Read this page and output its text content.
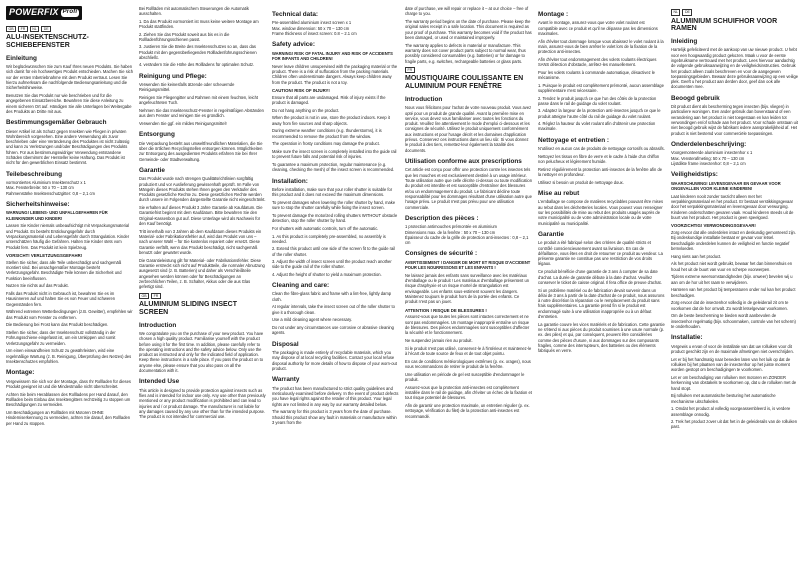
POWERFIX Profi
GB	FR	NL	DE
ALU-INSEKTENSCHUTZ-SCHIEBEFENSTER
Einleitung

Wir beglückwünschen Sie zum Kauf Ihres neuen Produkts. Sie haben sich damit für ein hochwertiges Produkt entschieden. Machen Sie sich vor der ersten Inbetriebnahme mit dem Produkt vertraut. Lesen Sie hierzu aufmerksam die nachfolgende Bedienungsanleitung und die Sicherheitshinweise.

Benutzen Sie das Produkt nur wie beschrieben und für die angegebenen Einsatzbereiche. Bewahren Sie diese Anleitung zu einem sicheren Ort auf. Händigen Sie alle Unterlagen bei Weitergabe des Produkts an Dritte mit aus.

Bestimmungsgemäßer Gebrauch

Dieser Artikel ist als Schutz gegen Insekten wie Fliegen in privaten Wohnbereich vorgesehen. Eine andere Verwendung als zuvor beschrieben oder eine Veränderung des Produktes ist nicht zulässig und kann zu Verletzungen und/oder Beschädigungen des Produkts führen. Für aus bestimmungswidriger Verwendung entstandene Schäden übernimmt der Hersteller keine Haftung. Das Produkt ist nicht für den gewerblichen Einsatz bestimmt.

Teilebeschreibung

vormontiertes Aluminium Insektenschutz x 1
Max. Fensterbreite: 50 x 70 – 130 cm
Rahmenstärke Insektenschutzgitter: 0,8 – 2,1 cm

Sicherheitshinweise:

WARNUNG! LEBENS- UND UNFALLGEFAHREN FÜR KLEINKINDER UND KINDER!

Lassen Sie Kinder niemals unbeaufsichtigt mit Verpackungsmaterial und Produkt. Es besteht Erstickungsgefahr durch Verpackungsmaterial und Lebensgefahr durch Strangulation. Kinder unterschätzen häufig die Gefahren. Halten Sie Kinder stets vom Produkt fern. Das Produkt ist kein Spielzeug.

VORSICHT! VERLETZUNGSGEFAHR!

Stellen Sie sicher, dass alle Teile unbeschädigt und sachgemäß montiert sind. Bei unsachgemäßer Montage besteht Verletzungsgefahr. Beschädigte Teile können die Sicherheit und Funktion beeinflussen.

Nutzen Sie nichts auf das Produkt.

Falls das Produkt nicht in Gebrauch ist, bewahren Sie es im Hausinneren auf und halten Sie es von Feuer und schweren Gegenständen fern.

Während extremen Wetterbedingungen (z.B. Gewitter), empfehlen wir das Produkt vom Fenster zu entfernen.

Die Bedienung bei Frost kann das Produkt beschädigen.

Stellen Sie sicher, dass der Insektenschutz vollständig in der Führungsschiene eingefasst ist, um ein Umkippen und somit Verletzungsgefahr zu vermeiden.

Um einen einwandfreien Schutz zu gewährleisten, wird eine regelmäßige Wartung (z. B. Reinigung, Überprüfung des Netzes) des Insektenschutzes empfohlen.

Montage:

Vergewissern Sie sich vor der Montage, dass Ihr Rollladen für dieses Produkt geeignet ist und die Mindestmaße nicht überschreitet.

Achten Sie beim Herablassen des Rollladens per Hand darauf, den Rollladen beim Einbau das Insektengitters rechtzeitig zu stoppen um Beschädigungen zu vermeiden.

Um Beschädigungen an Rollläden mit Motoren OHNE Hinderniserkennung zu vermeiden, achten Sie darauf, den Rollladen per Hand zu stoppen.

Bei Rollläden mit automatischem Steuerungen die Automatik ausschalten.

1. Da das Produkt vormontiert ist muss keine weitere Montage am Produkt stattfinden.

2. Ziehen Sie das Produkt soweit aus bis es in die Rollladenführungsschienen passt.

3. Justieren Sie die Breite des Insektenschutzes so an, dass das Produkt mit den gegenüberliegenden Rollladenführungsschienen abschließt.

4. verändern Sie die Höhe des Rollladens für optimalen Schutz.

Reinigung und Pflege:

Verwenden Sie keinesfalls ätzende oder scheuernde Reinigungsmittel.

Reinigen Sie Fliegengitter und Rahmen mit einem feuchten, leicht angefeuchteten Tuch.

Nehmen Sie das Insektenschutz-Fenster in regelmäßigen Abständen aus dem Fenster und reinigen Sie es gründlich.

Verwenden Sie ggf. ein mildes Reinigungsmittel!

Entsorgung

Die Verpackung besteht aus umweltfreundlichen Materialien, die Sie über die örtlichen Recyclingstellen entsorgen können. Möglichkeiten zur Entsorgung des ausgedienten Produkts erfahren Sie bei Ihrer Gemeinde- oder Stadtverwaltung.

Garantie

Das Produkt wurde nach strengen Qualitätsrichtlinien sorgfältig produziert und vor Auslieferung gewissenhaft geprüft. Im Falle von Mängeln dieses Produkts stehen Ihnen gegen den Verkäufer des Produkts gesetzliche Rechte zu. Diese gesetzlichen Rechte werden durch unsere im Folgenden dargestellte Garantie nicht eingeschränkt.

Sie erhalten auf dieses Produkt 3 Jahre Garantie ab Kaufdatum. Die Garantiefrist beginnt mit dem Kaufdatum. Bitte bewahren Sie den Original-Kassenbon gut auf. Diese Unterlage wird als Nachweis für den Kauf benötigt.

Tritt innerhalb von 3 Jahren ab dem Kaufdatum dieses Produkts ein Material- oder Fabrikationsfehler auf, wird das Produkt von uns – nach unserer Wahl – für Sie kostenlos repariert oder ersetzt. Diese Garantie verfällt, wenn das Produkt beschädigt, nicht sachgemäß benutzt oder gewartet wurde.

Die Garantieleistung gilt für Material- oder Fabrikationsfehler. Diese Garantie erstreckt sich nicht auf Produktteile, die normaler Abnutzung ausgesetzt sind (z. B. Batterien) und daher als Verschleißteile angesehen werden können oder für Beschädigungen an zerbrechlichen Teilen, z. B. Schalter, Akkus oder die aus Glas gefertigt sind.

GB	FR
ALUMINIUM SLIDING INSECT SCREEN
Introduction

We congratulate you on the purchase of your new product. You have chosen a high quality product. Familiarise yourself with the product before using it for the first time. In addition, please carefully refer to the operating instructions and the safety advice below. Only use the product as instructed and only for the indicated field of application. Keep these instructions in a safe place. If you pass the product on to anyone else, please ensure that you also pass on all the documentation with it.

Intended Use

This article is designed to provide protection against insects such as flies and is intended for indoor use only. Any use other than previously mentioned or any product modification is prohibited and can lead to injuries and / or product damage. The manufacturer is not liable for any damages caused by any use other than for the intended purpose. The product is not intended for commercial use.

Technical data:

Pre-assembled aluminium insect screen x 1
Max. window dimension: 50 x 70 – 130 cm
Frame thickness of insect screen: 0.8 – 2.1 cm

Safety advice:

WARNING! RISK OF FATAL INJURY AND RISK OF ACCIDENTS FOR INFANTS AND CHILDREN!

Never leave children unsupervised with the packaging material or the product. There is a risk of suffocation from the packing materials. Children often underestimate dangers. Always keep children away from the product. The product is not a toy.

CAUTION! RISK OF INJURY!

Ensure that all parts are undamaged. Risk of injury exists if the product is damaged.

Do not hang anything on the product.

When the product is not in use, store the product indoors. Keep it away from fire sources and sharp objects.

During extreme weather conditions (e.g. thunderstorms), it is recommended to remove the product from the window.

The operation in frosty conditions may damage the product.

Make sure the insect screen is completely installed into the guide rail to prevent future falls and potential risk of injuries.

To guarantee a maximum protection, regular maintenance (e.g. cleaning, checking the mesh) of the insect screen is recommended.

Installation:

Before installation, make sure that your roller shutter is suitable for this product and it does not exceed the maximum dimensions.

To prevent damages when lowering the roller shutter by hand, make sure to stop the shutter carefully while fixing the insect screen.

To prevent damage the motorized rolling shutters WITHOUT obstacle detection, stop the roller shutter by hand.

For shutters with automatic controls, turn off the automatic.

1. As this product is completely pre-assembled, no assembly is needed.

2. Extend this product until one side of the screen fit to the guide rail of the roller shutter.

3. Adjust the width of insect screen until the product reach another side to the guide rail of the roller shutter.

4. Adjust the height of shutter to yield a maximum protection.

Cleaning and care:

Clean the fibre-glass fabric and frame with a lint-free, lightly damp cloth.

At regular intervals, take the insect screen out of the roller shutter to give it a thorough clean.

Use a mild cleaning agent where necessary.

Do not under any circumstances use corrosive or abrasive cleaning agents.

Disposal

The packaging is made entirely of recyclable materials, which you may dispose of at local recycling facilities. Contact your local refuse disposal authority for more details of how to dispose of your worn-out product.

Warranty

The product has been manufactured to strict quality guidelines and meticulously examined before delivery. In the event of product defects you have legal rights against the retailer of this product. Your legal rights are not limited in any way by our warranty detailed below.

The warranty for this product is 3 years from the date of purchase. Should this product show any fault in materials or manufacture within 3 years from the

date of purchase, we will repair or replace it – at our choice – free of charge to you.

The warranty period begins on the date of purchase. Please keep the original sales receipt in a safe location. This document is required as your proof of purchase. This warranty becomes void if the product has been damaged, or used or maintained improperly.

The warranty applies to defects in material or manufacture. This warranty does not cover product parts subject to normal wear, thus possibly considered consumables (e.g. batteries) or for damage to fragile parts, e.g. switches, rechargeable batteries or glass parts.

FR
MOUSTIQUAIRE COULISSANTE EN ALUMINIUM POUR FENÊTRE
Introduction

Nous vous félicitons pour l'achat de votre nouveau produit. Vous avez opté pour un produit de grande qualité. Avant la première mise en service, vous devez vous familiariser avec toutes les fonctions du produit. Veuillez lire attentivement le mode d'emploi ci-dessous et les consignes de sécurité. Utilisez le produit uniquement conformément aux instructions et pour l'usage décrit et les domaines d'application prévus. Conservez ces instructions dans un lieu sûr. Si vous donnez le produit à des tiers, remettez-leur également la totalité des documents.

Utilisation conforme aux prescriptions

Cet article est conçu pour offrir une protection contre les insectes tels que les mouches et est exclusivement destiné à un usage intérieur. Toute utilisation autre que celle décrite ci-dessus ou toute modification du produit est interdite et est susceptible d'entraîner des blessures et/ou un endommagement du produit. Le fabricant décline toute responsabilité pour les dommages résultant d'une utilisation autre que l'usage prévu. Le produit n'est pas prévu pour une utilisation commerciale.

Description des pièces :

1 protection antimouches prémontée en aluminium
Dimensions max. de la fenêtre : 50 x 70 – 130 cm
Épaisseur du cadre de la grille de protection anti-insectes : 0,8 – 2,1 cm

Consignes de sécurité :

AVERTISSEMENT ! DANGER DE MORT ET RISQUE D'ACCIDENT POUR LES NOURRISSONS ET LES ENFANTS !

Ne laissez jamais des enfants sans surveillance avec les matériaux d'emballage ou le produit ! Les matériaux d'emballage présentent un risque d'asphyxie et un risque mortel de strangulation est envisageable. Les enfants sous-estiment souvent les dangers. Maintenez toujours le produit hors de la portée des enfants. Ce produit n'est pas un jouet.

ATTENTION ! RISQUE DE BLESSURES !

Assurez-vous que toutes les pièces sont intactes correctement et ne sont pas endommagées. Un montage inapproprié entraîne un risque de blessures. Des pièces endommagées sont susceptibles d'affecter la sécurité et le fonctionnement.

Ne suspendez jamais rien au produit.

Si le produit n'est pas utilisé, conservez-le à l'intérieur et maintenez-le à l'écart de toute source de feux et de tout objet pointu.

En cas de conditions météorologiques extrêmes (p. ex. orages), nous vous recommandons de retirer le produit de la fenêtre.

Une utilisation en période de gel est susceptible d'endommager le produit.

Assurez-vous que la protection anti-insectes est complètement installée dans le rail de guidage, afin d'éviter un échec de la fixation et tout risque potentiel de blessures.

Afin de garantir une protection maximale, un entretien régulier (p. ex. nettoyage, vérification du filet) de la protection anti-insectes est recommandé.

Montage :

Avant le montage, assurez-vous que votre volet roulant est compatible avec ce produit et qu'il ne dépasse pas les dimensions maximales.

Afin d'éviter tout dommage lorsque vous abaissez le volet roulant à la main, assurez-vous de bien arrêter le volet lors de la fixation de la protection anti-insectes.

Afin d'éviter tout endommagement des volets roulants électriques SANS détection d'obstacle, arrêtez-les manuellement.

Pour les volets roulants à commande automatique, désactivez le mécanisme.

1. Puisque le produit est complètement prémonté, aucun assemblage supplémentaire n'est nécessaire.

2. Tendez le produit jusqu'à ce que l'un des côtés de la protection passe dans le rail de guidage du volet roulant.

3. Adaptez la largeur de la protection anti-insectes jusqu'à ce que le produit atteigne l'autre côté du rail de guidage du volet roulant.

4. Réglez la hauteur du volet roulant afin d'obtenir une protection maximale.

Nettoyage et entretien :

N'utilisez en aucun cas de produits de nettoyage corrosifs ou abrasifs.

Nettoyez les tissus en fibre de verre et le cadre à l'aide d'un chiffon non pelucheux et légèrement humide.

Retirez régulièrement la protection anti-insectes de la fenêtre afin de la nettoyer en profondeur.

Utilisez si besoin un produit de nettoyage doux.

Mise au rebut

L'emballage se compose de matières recyclables pouvant être mises au rebut dans les déchetteries locales. Vous pouvez vous renseigner sur les possibilités de mise au rebut des produits usagés auprès de votre municipalité ou de votre administration locale ou de votre municipalité ou municipalité.

Garantie

Le produit a été fabriqué selon des critères de qualité stricts et contrôlé consciencieusement avant sa livraison. En cas de défaillance, vous êtes en droit de retourner ce produit au vendeur. La présente garantie ne constitue pas une restriction de vos droits légaux.

Ce produit bénéficie d'une garantie de 3 ans à compter de sa date d'achat. La durée de garantie débute à la date d'achat. Veuillez conserver le ticket de caisse original. Il fera office de preuve d'achat.

Si un problème matériel ou de fabrication devait survenir dans un délai de 3 ans à partir de la date d'achat de ce produit, nous assurons à notre discrétion la réparation ou le remplacement du produit sans frais supplémentaires. La garantie prend fin si le produit est endommagé suite à une utilisation inappropriée ou à un défaut d'entretien.

La garantie couvre les vices matériels et de fabrication. Cette garantie ne s'étend ni aux pièces du produit soumises à une usure normale (p. ex. des piles) et qui, par conséquent, peuvent être considérées comme des pièces d'usure, ni aux dommages sur des composants fragiles, comme des interrupteurs, des batteries ou des éléments fabriqués en verre.

NL	DE
ALUMINIUM SCHUIFHOR VOOR RAMEN
Inleiding

Hartelijk gefeliciteerd met de aankoop van uw nieuwe product. U hebt voor een hoogwaardig product gekozen. Maak u voor de eerste ingebruikname vertrouwd met het product. Lees hiervoor aandachtig de volgende gebruiksaanwijzing en de veiligheidsinstructies. Gebruik het product alleen zoals beschreven en voor de aangegeven toepassingsgebieden. Bewaar deze gebruiksaanwijzing op een veilige plek. Geeft u het product aan derden door, geef dan ook alle documenten mee.

Beoogd gebruik

Dit product dient als bescherming tegen insecten (bijv. vliegen) in particuliere woningen. Een ander gebruik dan bovenstaand of een verandering aan het product is niet toegestaan en kan leiden tot verwondingen en/of schade aan het product. Voor schade ontstaan uit niet beoogd gebruik wijst de fabrikant iedere aansprakelijkheid af. Het product is niet bestemd voor commerciële toepassingen.

Onderdelenbeschrijving:

Voorgemonteerde aluminium insectenhor x 1
Max. Vensterafmeting: 50 x 70 – 130 cm
Lijstdikte frame insectenhor: 0,8 – 2,1 cm

Veiligheidstips:

WAARSCHUWING! LEVENSGEVAAR EN GEVAAR VOOR ONGEVALLEN VOOR KLEINE KINDEREN!

Laat kinderen nooit zonder toezicht alleen met het verpakkingsmateriaal en het product. Er bestaat verstikkingsgevaar door het verpakkingsmateriaal en levensgevaar door verwurging. Kinderen onderschatten gevaren vaak. Houd kinderen steeds uit de buurt van het product. Het product is geen speelgoed.

VOORZICHTIG! VERWONDINGSGEVAAR!

Zorg ervoor dat alle onderdelen intact en deskundig gemonteerd zijn. Bij ondeskundige installatie bestaat er gevaar voor letsel. Beschadigde onderdelen kunnen de veiligheid en functie negatief beïnvloeden.

Hang niets aan het product.

Als het product niet wordt gebruikt, bewaar het dan binnenshuis en houd het uit de buurt van vuur en scherpe voorwerpen.

Tijdens extreme weersomstandigheden (bijv. onweer) bevelen wij u aan om de hor uit het raam te verwijderen.

Hanteren van het product bij temperaturen onder nul kan het product beschadigen.

Zorg ervoor dat de insectenhor volledig in de geleiderail zit om te voorkomen dat de hor omvalt. Zo wordt letselgevaar voorkomen.

Om de beste bescherming te bieden wordt aanbevolen de insectenhor regelmatig (bijv. schoonmaken, controle van het scherm) te onderhouden.

Installatie:

Vergewis u ervan of voor de installatie van dat uw rolluiken voor dit product geschikt zijn en de maximale afmetingen niet overschrijden.

Let er bij het handmatig naar beneden laten van het luik op dat de rolluiken bij het plaatsen van de insectenhor op het juiste moment worden gestopt om beschadigingen te voorkomen.

Let er om beschadiging van rolluiken met motoren en ZONDER herkenning van obstakels te voorkomen op, dat u de rolluiken met de hand stopt.

Bij rolluiken met automatische besturing het automatische mechanisme uitschakelen.

1. Omdat het product al volledig voorgeassembleerd is, is verdere assemblage onnodig.

2. Trek het product zover uit dat het in de geleiderails van de rolluiken past.
